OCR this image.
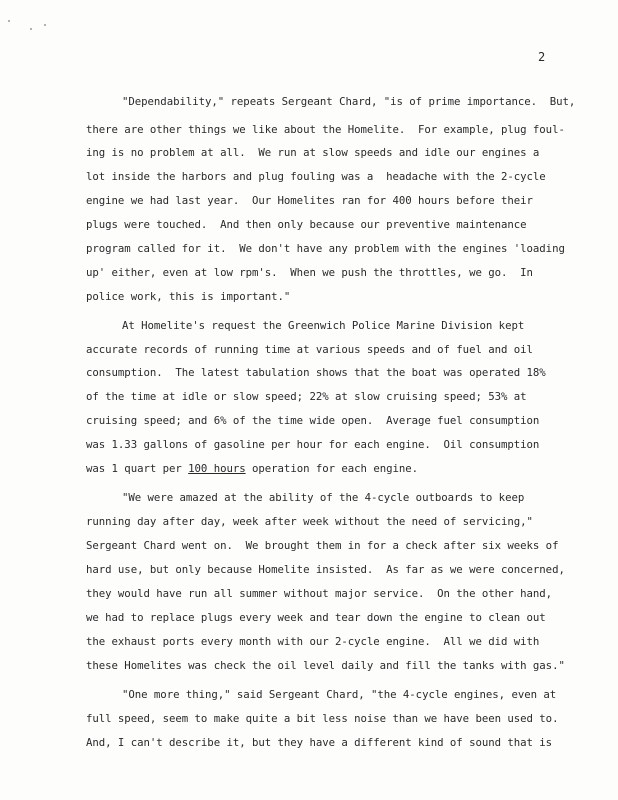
2
"Dependability," repeats Sergeant Chard, "is of prime importance.  But,
there are other things we like about the Homelite.  For example, plug foul-
ing is no problem at all.  We run at slow speeds and idle our engines a
lot inside the harbors and plug fouling was a  headache with the 2-cycle
engine we had last year.  Our Homelites ran for 400 hours before their
plugs were touched.  And then only because our preventive maintenance
program called for it.  We don't have any problem with the engines 'loading
up' either, even at low rpm's.  When we push the throttles, we go.  In
police work, this is important."
At Homelite's request the Greenwich Police Marine Division kept
accurate records of running time at various speeds and of fuel and oil
consumption.  The latest tabulation shows that the boat was operated 18%
of the time at idle or slow speed; 22% at slow cruising speed; 53% at
cruising speed; and 6% of the time wide open.  Average fuel consumption
was 1.33 gallons of gasoline per hour for each engine.  Oil consumption
was 1 quart per 100 hours operation for each engine.
"We were amazed at the ability of the 4-cycle outboards to keep
running day after day, week after week without the need of servicing,"
Sergeant Chard went on.  We brought them in for a check after six weeks of
hard use, but only because Homelite insisted.  As far as we were concerned,
they would have run all summer without major service.  On the other hand,
we had to replace plugs every week and tear down the engine to clean out
the exhaust ports every month with our 2-cycle engine.  All we did with
these Homelites was check the oil level daily and fill the tanks with gas."
"One more thing," said Sergeant Chard, "the 4-cycle engines, even at
full speed, seem to make quite a bit less noise than we have been used to.
And, I can't describe it, but they have a different kind of sound that is
